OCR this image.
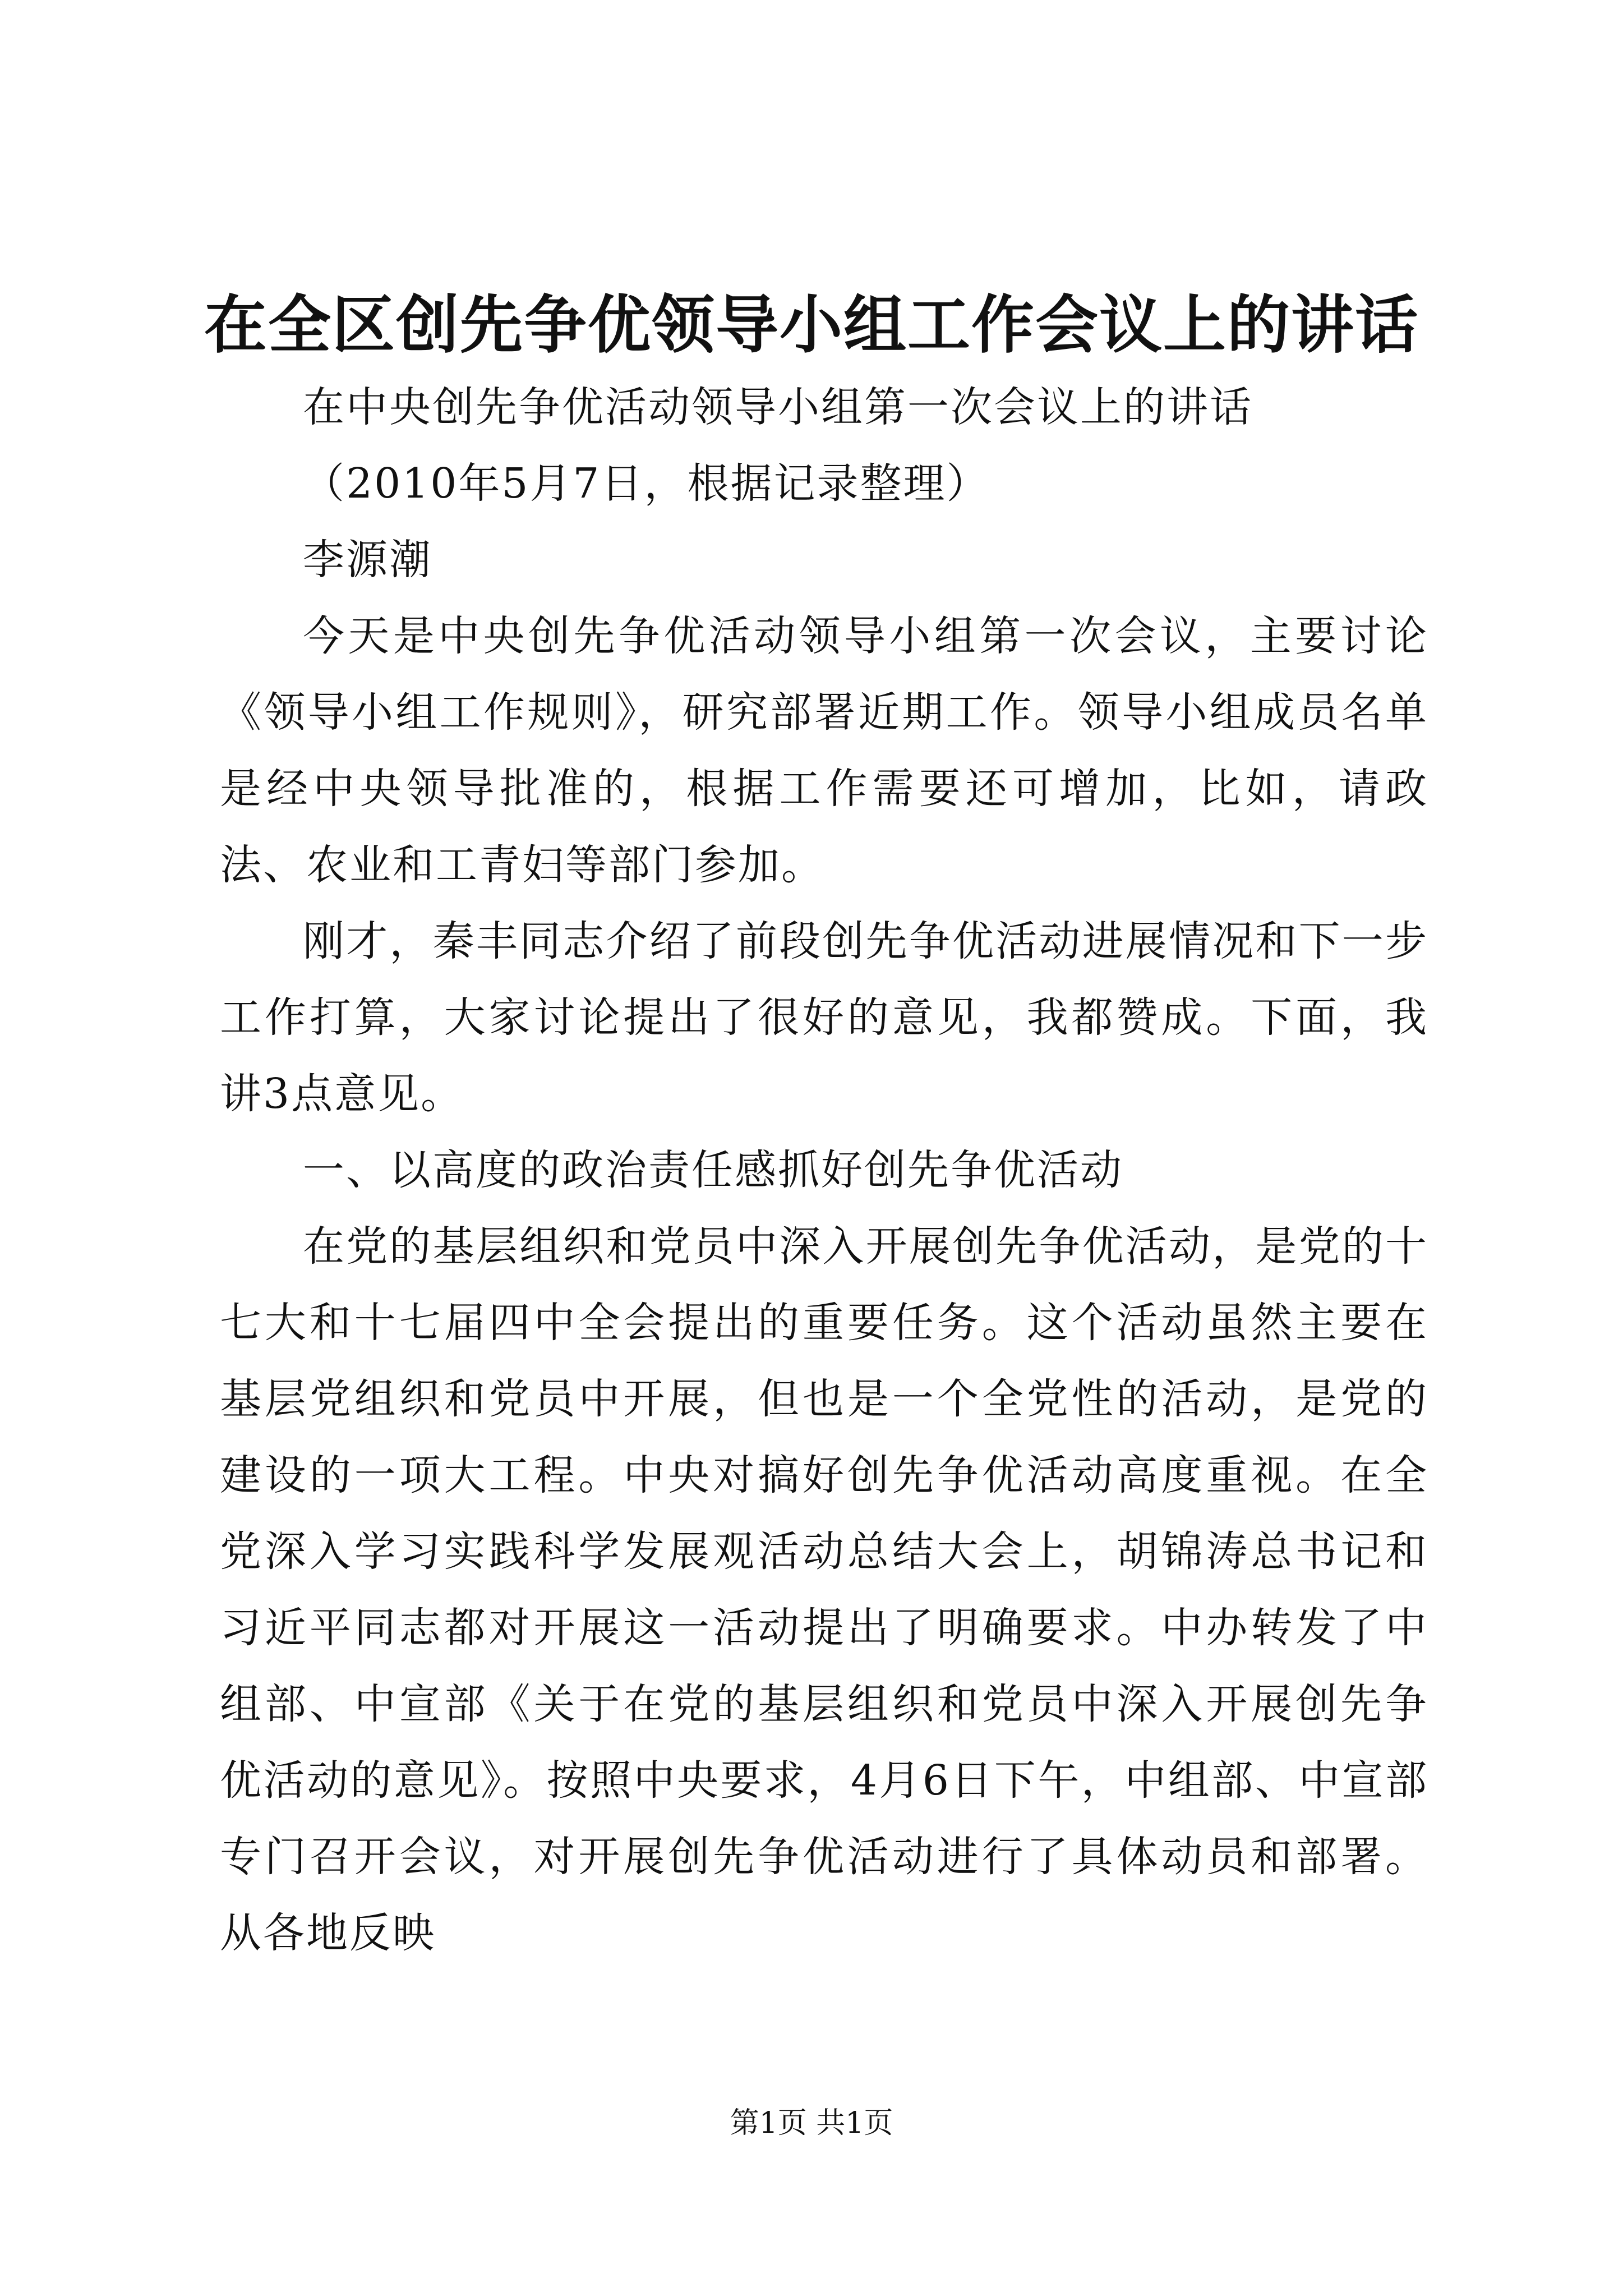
在全区创先争优领导小组工作会议上的讲话

在中央创先争优活动领导小组第一次会议上的讲话

（2010年5月7日，根据记录整理）

李源潮

今天是中央创先争优活动领导小组第一次会议，主要讨论《领导小组工作规则》，研究部署近期工作。领导小组成员名单是经中央领导批准的，根据工作需要还可增加，比如，请政法、农业和工青妇等部门参加。

刚才，秦丰同志介绍了前段创先争优活动进展情况和下一步工作打算，大家讨论提出了很好的意见，我都赞成。下面，我讲3点意见。

一、以高度的政治责任感抓好创先争优活动

在党的基层组织和党员中深入开展创先争优活动，是党的十七大和十七届四中全会提出的重要任务。这个活动虽然主要在基层党组织和党员中开展，但也是一个全党性的活动，是党的建设的一项大工程。中央对搞好创先争优活动高度重视。在全党深入学习实践科学发展观活动总结大会上，胡锦涛总书记和习近平同志都对开展这一活动提出了明确要求。中办转发了中组部、中宣部《关于在党的基层组织和党员中深入开展创先争优活动的意见》。按照中央要求，4月6日下午，中组部、中宣部专门召开会议，对开展创先争优活动进行了具体动员和部署。从各地反映

第1页 共1页
